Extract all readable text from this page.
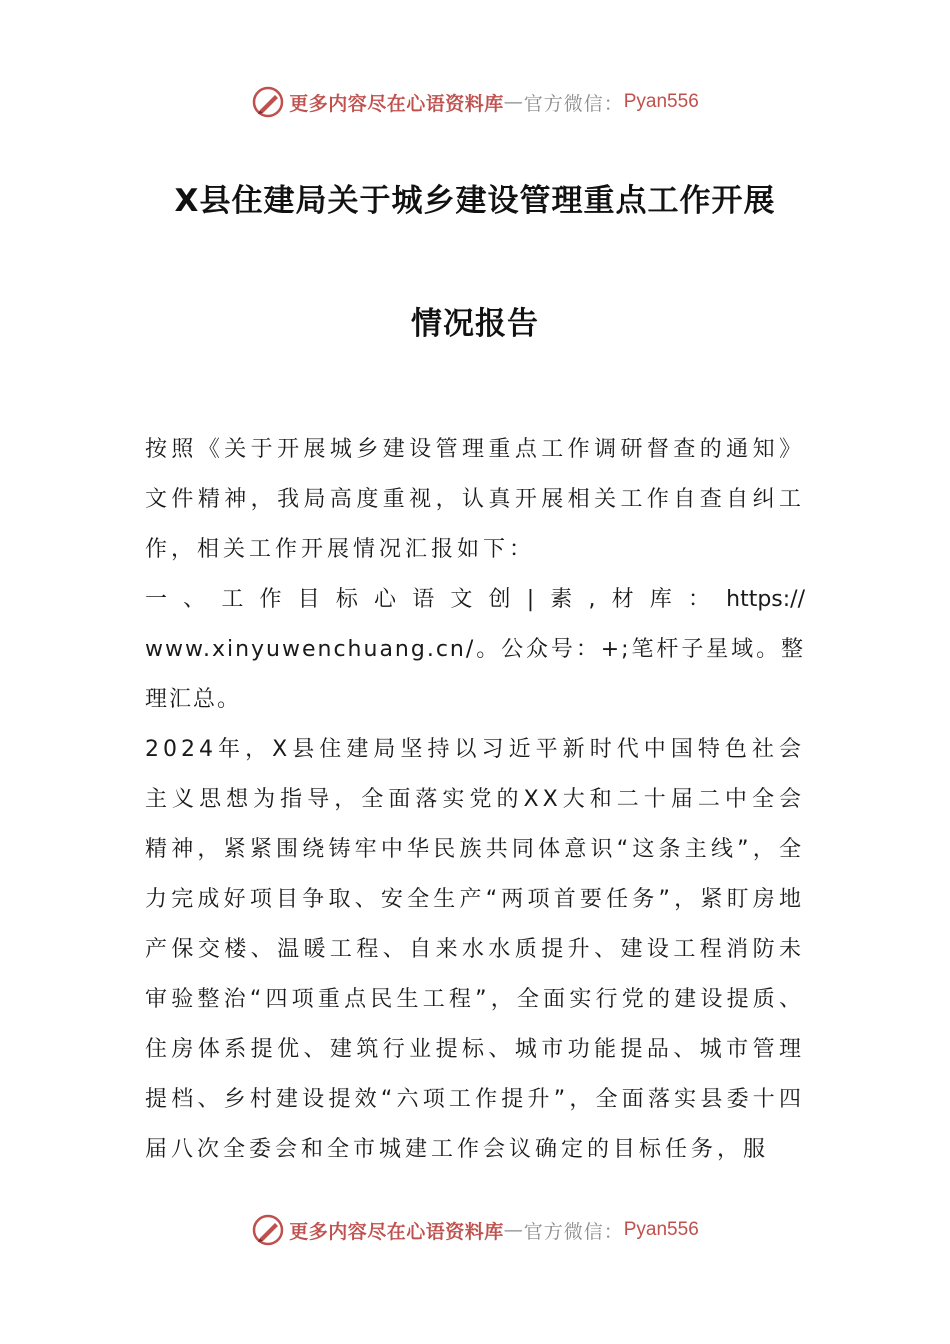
更多内容尽在心语资料库 — 官方微信： Pyan556
X县住建局关于城乡建设管理重点工作开展
情况报告

按照《关于开展城乡建设管理重点工作调研督查的通知》文件精神，我局高度重视，认真开展相关工作自查自纠工作，相关工作开展情况汇报如下：

一 、 工 作 目 标 心 语 文 创 | 素 , 材 库 ： https://

www.xinyuwenchuang.cn/。公众号：+;笔杆子星域。整理汇总。

2024年，X县住建局坚持以习近平新时代中国特色社会主义思想为指导，全面落实党的XX大和二十届二中全会精神，紧紧围绕铸牢中华民族共同体意识“这条主线”，全力完成好项目争取、安全生产“两项首要任务”，紧盯房地产保交楼、温暖工程、自来水水质提升、建设工程消防未审验整治“四项重点民生工程”，全面实行党的建设提质、住房体系提优、建筑行业提标、城市功能提品、城市管理提档、乡村建设提效“六项工作提升”，全面落实县委十四届八次全委会和全市城建工作会议确定的目标任务，服

更多内容尽在心语资料库 — 官方微信： Pyan556
